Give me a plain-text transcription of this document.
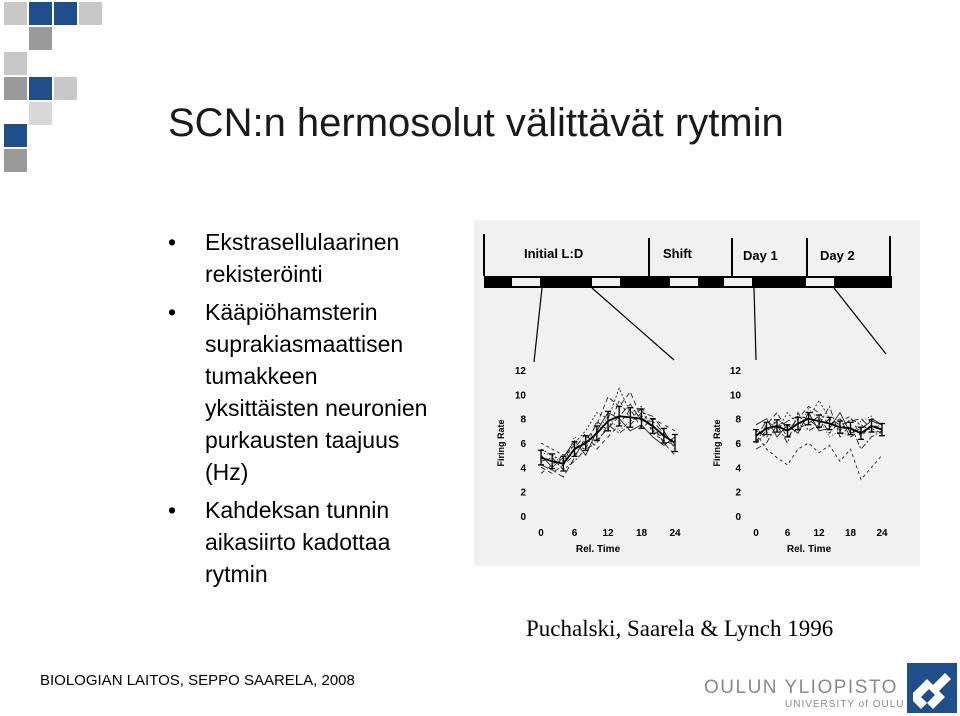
SCN:n hermosolut välittävät rytmin
• Ekstrasellulaarinen
rekisteröinti
• Kääpiöhamsterin
suprakiasmaattisen
tumakkeen
yksittäisten neuronien
purkausten taajuus
(Hz)
• Kahdeksan tunnin
aikasiirto kadottaa
rytmin
Initial L:D	Shift	Day 1	Day 2
0
2
4
6
8
10
12
0	6	12 18 24
Firing Rate
Rel. Time
0
2
4
6
8
10
12
0	6 12 18 24
Firing Rate
Rel. Time
Puchalski, Saarela & Lynch 1996
BIOLOGIAN LAITOS, SEPPO SAARELA, 2008	OULUN YLIOPISTO
UNIVERSITY of OULU
